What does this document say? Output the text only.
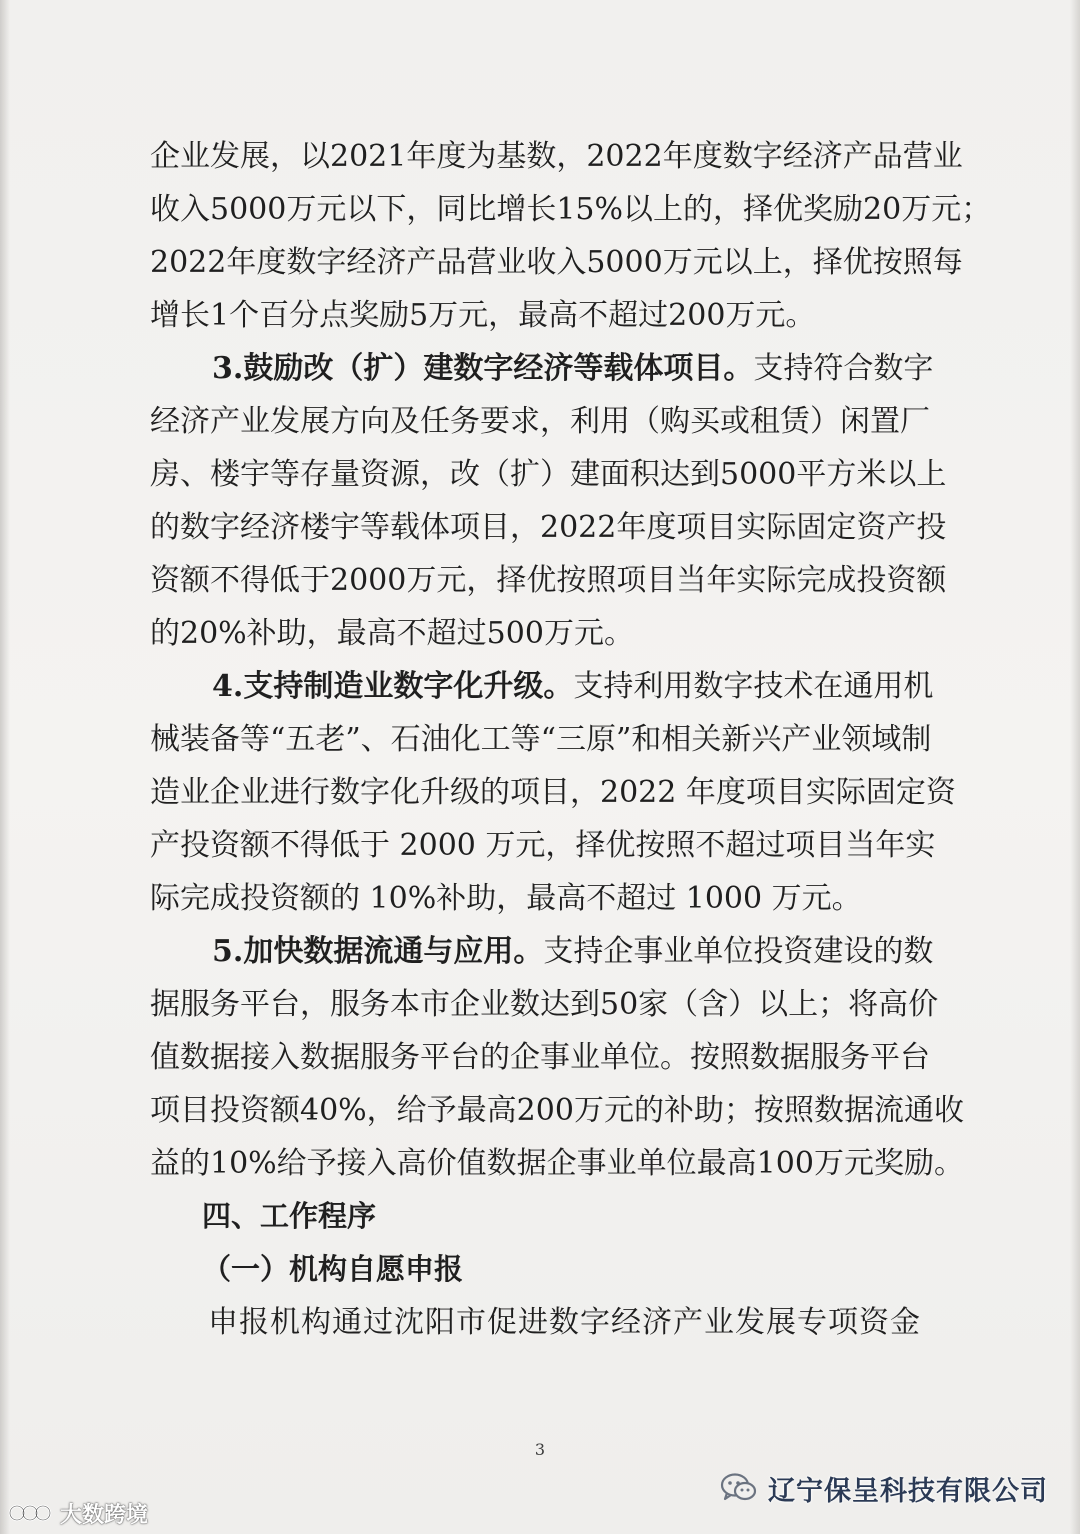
企业发展，以2021年度为基数，2022年度数字经济产品营业
收入5000万元以下，同比增长15%以上的，择优奖励20万元；
2022年度数字经济产品营业收入5000万元以上，择优按照每
增长1个百分点奖励5万元，最高不超过200万元。
3.鼓励改（扩）建数字经济等载体项目。支持符合数字
经济产业发展方向及任务要求，利用（购买或租赁）闲置厂
房、楼宇等存量资源，改（扩）建面积达到5000平方米以上
的数字经济楼宇等载体项目，2022年度项目实际固定资产投
资额不得低于2000万元，择优按照项目当年实际完成投资额
的20%补助，最高不超过500万元。
4.支持制造业数字化升级。支持利用数字技术在通用机
械装备等“五老”、石油化工等“三原”和相关新兴产业领域制
造业企业进行数字化升级的项目，2022 年度项目实际固定资
产投资额不得低于 2000 万元，择优按照不超过项目当年实
际完成投资额的 10%补助，最高不超过 1000 万元。
5.加快数据流通与应用。支持企事业单位投资建设的数
据服务平台，服务本市企业数达到50家（含）以上；将高价
值数据接入数据服务平台的企事业单位。按照数据服务平台
项目投资额40%，给予最高200万元的补助；按照数据流通收
益的10%给予接入高价值数据企事业单位最高100万元奖励。
四、工作程序
（一）机构自愿申报
申报机构通过沈阳市促进数字经济产业发展专项资金
3
辽宁保呈科技有限公司
大数跨境
